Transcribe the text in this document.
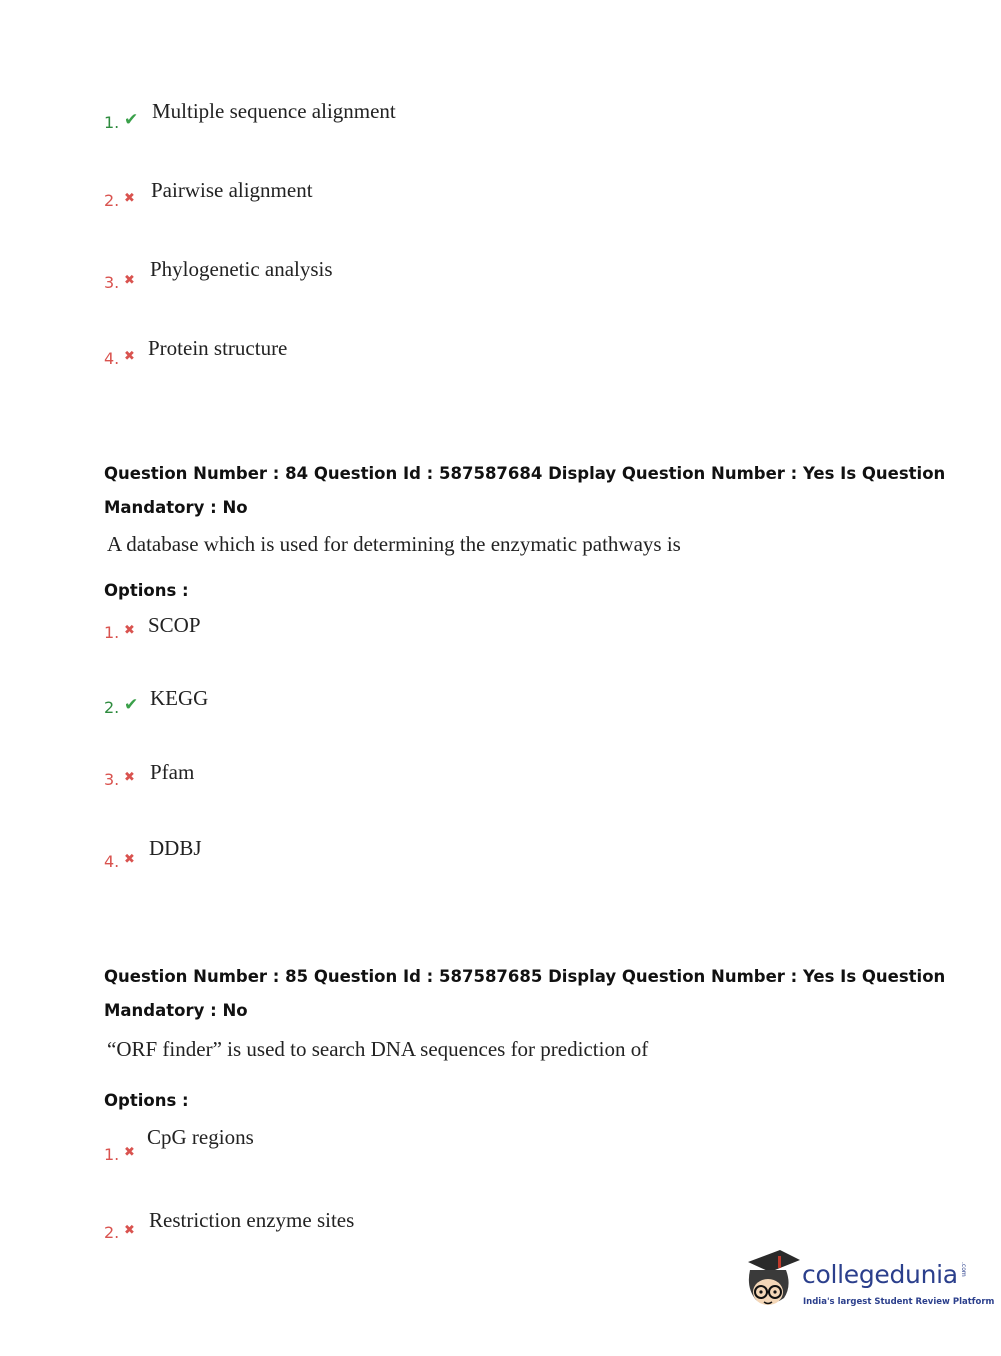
1. ✔ Multiple sequence alignment
2. ✖ Pairwise alignment
3. ✖ Phylogenetic analysis
4. ✖ Protein structure
Question Number : 84 Question Id : 587587684 Display Question Number : Yes Is Question
Mandatory : No
A database which is used for determining the enzymatic pathways is
Options :
1. ✖ SCOP
2. ✔ KEGG
3. ✖ Pfam
4. ✖ DDBJ
Question Number : 85 Question Id : 587587685 Display Question Number : Yes Is Question
Mandatory : No
“ORF finder” is used to search DNA sequences for prediction of
Options :
1. ✖
CpG regions
2. ✖ Restriction enzyme sites
collegedunia .com
India's largest Student Review Platform
